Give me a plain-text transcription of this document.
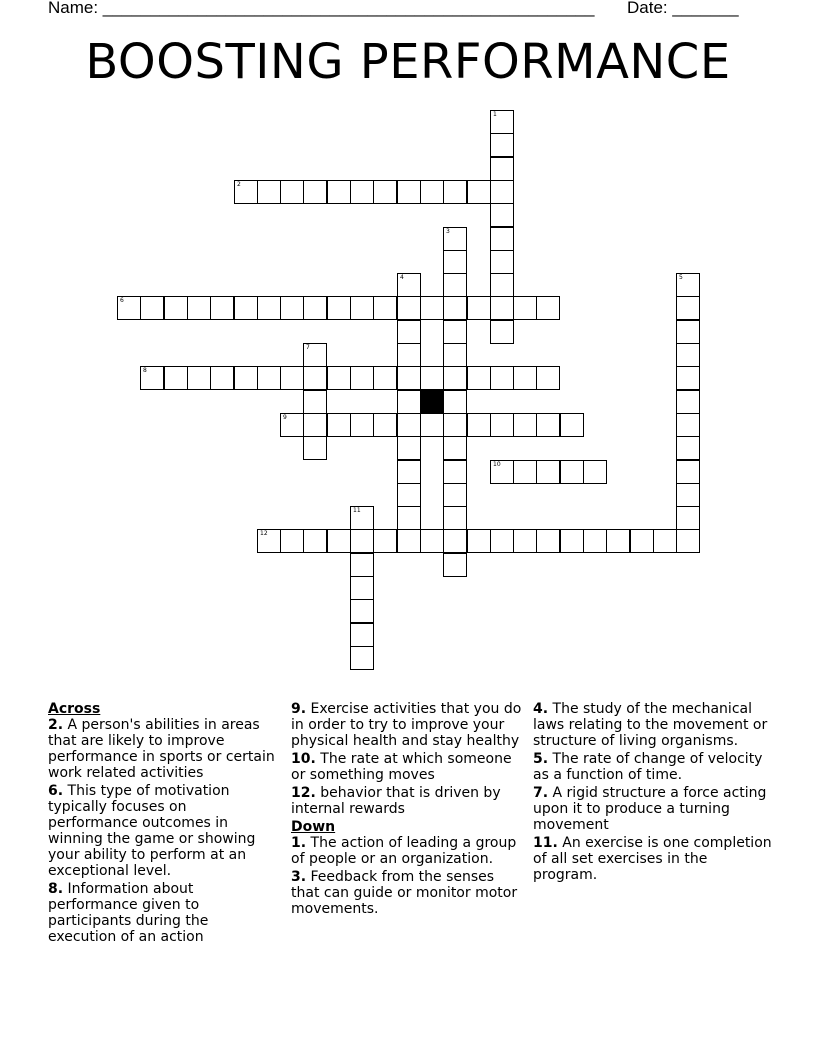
Name: ____________________________________________________ Date: _______
BOOSTING PERFORMANCE
1
2
3
4	5
6
7
8
9
10
11
12
Across
2. A person's abilities in areas that are likely to improve performance in sports or certain work related activities
6. This type of motivation typically focuses on performance outcomes in winning the game or showing your ability to perform at an exceptional level.
8. Information about performance given to participants during the execution of an action
9. Exercise activities that you do in order to try to improve your physical health and stay healthy
10. The rate at which someone or something moves
12. behavior that is driven by internal rewards
Down
1. The action of leading a group of people or an organization.
3. Feedback from the senses that can guide or monitor motor movements.
4. The study of the mechanical laws relating to the movement or structure of living organisms.
5. The rate of change of velocity as a function of time.
7. A rigid structure a force acting upon it to produce a turning movement
11. An exercise is one completion of all set exercises in the program.
